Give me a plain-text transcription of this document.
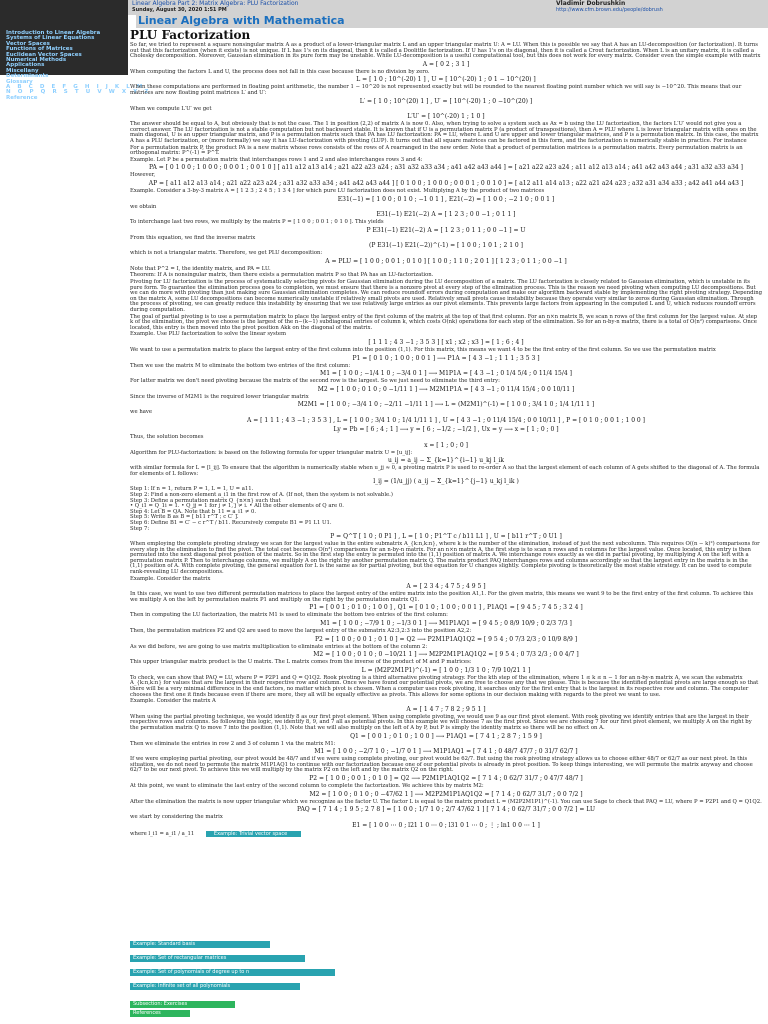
Linear Algebra Part 2: Matrix Algebra: PLU Factorization
Sunday, August 30, 2020 1:51 PM
Vladimir Dobrushkin
http://www.cfm.brown.edu/people/dobrush
Linear Algebra with Mathematica
Introduction to Linear Algebra
Systems of Linear Equations
Vector Spaces
Functions of Matrices
Euclidean Vector Spaces
Numerical Methods
Applications
Miscellany
Determinants
Glossary
A B C D E F G H I J K L M
N O P Q R S T U V W X Y Z
Reference
PLU Factorization
So far, we tried to represent a square nonsingular matrix A as a product of a lower-triangular matrix L and an upper triangular matrix U: A = LU. When this is possible we say that A has an LU-decomposition (or factorization). It turns out that this factorization (when it exists) is not unique. If L has 1's on its diagonal, then it is called a Doolittle factorization. If U has 1's on its diagonal, then it is called a Crout factorization. When L is an unitary matrix, it is called a Cholesky decomposition. Moreover, Gaussian elimination in its pure form may be unstable. While LU-decomposition is a useful computational tool, but this does not work for every matrix. Consider even the simple example with matrix
A = [ 0 2 ; 3 1 ]
When computing the factors L and U, the process does not fall in this case because there is no division by zero.
L = [ 1 0 ; 10^(-20) 1 ] , U = [ 10^(-20) 1 ; 0 1 − 10^(20) ]
When these computations are performed in floating point arithmetic, the number 1 − 10^20 is not represented exactly but will be rounded to the nearest floating point number which we will say is −10^20. This means that our matrices are now floating point matrices L′ and U′:
L′ = [ 1 0 ; 10^(20) 1 ] , U′ = [ 10^(-20) 1 ; 0 −10^(20) ]
When we compute L′U′ we get
L′U′ = [ 10^(-20) 1 ; 1 0 ]
The answer should be equal to A, but obviously that is not the case. The 1 in position (2,2) of matrix A is now 0. Also, when trying to solve a system such as Ax = b using the LU factorization, the factors L′U′ would not give you a correct answer. The LU factorization is not a stable computation but not backward stable. It is known that if U is a permutation matrix P (a product of transpositions), then A = PLU where L is lower triangular matrix with ones on the main diagonal, U is an upper triangular matrix, and P is a permutation matrix such that PA has LU factorization: PA = LU, where L and U are upper and lower triangular matrices, and P is a permutation matrix. In this case, the matrix A has a PLU factorization, or (more formally) we say it has LU-factorization with pivoting (LUP). It turns out that all square matrices can be factored in this form, and the factorization is numerically stable in practice. For instance
For a permutation matrix P, the product PA is a new matrix whose rows consists of the rows of A rearranged in the new order. Note that a product of permutation matrices is a permutation matrix. Every permutation matrix is an orthogonal matrix: P^(-1) = P^T.
Example. Let P be a permutation matrix that interchanges rows 1 and 2 and also interchanges rows 3 and 4:
PA = [ 0 1 0 0 ; 1 0 0 0 ; 0 0 0 1 ; 0 0 1 0 ] [ a11 a12 a13 a14 ; a21 a22 a23 a24 ; a31 a32 a33 a34 ; a41 a42 a43 a44 ] = [ a21 a22 a23 a24 ; a11 a12 a13 a14 ; a41 a42 a43 a44 ; a31 a32 a33 a34 ]
However,
AP = [ a11 a12 a13 a14 ; a21 a22 a23 a24 ; a31 a32 a33 a34 ; a41 a42 a43 a44 ] [ 0 1 0 0 ; 1 0 0 0 ; 0 0 0 1 ; 0 0 1 0 ] = [ a12 a11 a14 a13 ; a22 a21 a24 a23 ; a32 a31 a34 a33 ; a42 a41 a44 a43 ]
Example. Consider a 3-by-3 matrix A = [ 1 2 3 ; 2 4 5 ; 1 3 4 ] for which pure LU factorization does not exist. Multiplying A by the product of two matrices
E31(−1) = [ 1 0 0 ; 0 1 0 ; −1 0 1 ] , E21(−2) = [ 1 0 0 ; −2 1 0 ; 0 0 1 ]
we obtain
E31(−1) E21(−2) A = [ 1 2 3 ; 0 0 −1 ; 0 1 1 ]
To interchange last two rows, we multiply by the matrix P = [ 1 0 0 ; 0 0 1 ; 0 1 0 ]. This yields
P E31(−1) E21(−2) A = [ 1 2 3 ; 0 1 1 ; 0 0 −1 ] = U
From this equation, we find the inverse matrix
(P E31(−1) E21(−2))^(-1) = [ 1 0 0 ; 1 0 1 ; 2 1 0 ]
which is not a triangular matrix. Therefore, we get PLU decomposition:
A = PLU = [ 1 0 0 ; 0 0 1 ; 0 1 0 ] [ 1 0 0 ; 1 1 0 ; 2 0 1 ] [ 1 2 3 ; 0 1 1 ; 0 0 −1 ]
Note that P^2 = I, the identity matrix, and PA = LU.
Theorem: If A is nonsingular matrix, then there exists a permutation matrix P so that PA has an LU-factorization.
Pivoting for LU factorization is the process of systematically selecting pivots for Gaussian elimination during the LU decomposition of a matrix. The LU factorization is closely related to Gaussian elimination, which is unstable in its pure form. To guarantee the elimination process goes to completion, we must ensure that there is a nonzero pivot at every step of the elimination process. This is the reason we need pivoting when computing LU decompositions. But we can do more with pivoting than just making sure Gaussian elimination completes. We can reduce roundoff errors during computation and make our algorithm backward stable by implementing the right pivoting strategy. Depending on the matrix A, some LU decompositions can become numerically unstable if relatively small pivots are used. Relatively small pivots cause instability because they operate very similar to zeros during Gaussian elimination. Through the process of pivoting, we can greatly reduce this instability by ensuring that we use relatively large entries as our pivot elements. This prevents large factors from appearing in the computed L and U, which reduces roundoff errors during computation.
The goal of partial pivoting is to use a permutation matrix to place the largest entry of the first column of the matrix at the top of that first column. For an n×n matrix B, we scan n rows of the first column for the largest value. At step k of the elimination, the pivot we choose is the largest of the n−(k−1) subdiagonal entries of column k, which costs O(nk) operations for each step of the elimination. So for an n-by-n matrix, there is a total of O(n²) comparisons. Once located, this entry is then moved into the pivot position Akk on the diagonal of the matrix.
Example. Use PLU factorization to solve the linear system
[ 1 1 1 ; 4 3 −1 ; 3 5 3 ] [ x1 ; x2 ; x3 ] = [ 1 ; 6 ; 4 ]
We want to use a permutation matrix to place the largest entry of the first column into the position (1,1). For this matrix, this means we want 4 to be the first entry of the first column. So we use the permutation matrix
P1 = [ 0 1 0 ; 1 0 0 ; 0 0 1 ] ⟶ P1A = [ 4 3 −1 ; 1 1 1 ; 3 5 3 ]
Then we use the matrix M to eliminate the bottom two entries of the first column:
M1 = [ 1 0 0 ; −1/4 1 0 ; −3/4 0 1 ] ⟶ M1P1A = [ 4 3 −1 ; 0 1/4 5/4 ; 0 11/4 15/4 ]
For latter matrix we don't need pivoting because the matrix of the second row is the largest. So we just need to eliminate the third entry:
M2 = [ 1 0 0 ; 0 1 0 ; 0 −1/11 1 ] ⟶ M2M1P1A = [ 4 3 −1 ; 0 11/4 15/4 ; 0 0 10/11 ]
Since the inverse of M2M1 is the required lower triangular matrix
M2M1 = [ 1 0 0 ; −3/4 1 0 ; −2/11 −1/11 1 ] ⟶ L = (M2M1)^(-1) = [ 1 0 0 ; 3/4 1 0 ; 1/4 1/11 1 ]
we have
A = [ 1 1 1 ; 4 3 −1 ; 3 5 3 ] , L = [ 1 0 0 ; 3/4 1 0 ; 1/4 1/11 1 ] , U = [ 4 3 −1 ; 0 11/4 15/4 ; 0 0 10/11 ] , P = [ 0 1 0 ; 0 0 1 ; 1 0 0 ]
Ly = Pb = [ 6 ; 4 ; 1 ] ⟶ y = [ 6 ; −1/2 ; −1/2 ] , Ux = y ⟶ x = [ 1 ; 0 ; 0 ]
Thus, the solution becomes
x = [ 1 ; 0 ; 0 ]
Algorithm for PLU-factorization: is based on the following formula for upper triangular matrix U = [u_ij]:
u_ij = a_ij − Σ_{k=1}^{i−1} u_kj l_ik
with similar formula for L = [l_ij]. To ensure that the algorithm is numerically stable when u_jj ≈ 0, a pivoting matrix P is used to re-order A so that the largest element of each column of A gets shifted to the diagonal of A. The formula for elements of L follows:
l_ij = (1/u_jj) ( a_ij − Σ_{k=1}^{j−1} u_kj l_ik )
Step 1: If n = 1, return P = 1, L = 1, U = a11.
Step 2: Find a non-zero element a_i1 in the first row of A. (If not, then the system is not solvable.)
Step 3: Define a permutation matrix Q_{n×n} such that
• Q_i1 = Q_1i = 1. • Q_jj = 1 for j ≠ 1, j ≠ i. • All the other elements of Q are 0.
Step 4: Let B = QA. Note that b_11 = a_i1 ≠ 0.
Step 5: Write B as B = [ b11 r^T ; c C′ ].
Step 6: Define B1 = C′ − c r^T / b11. Recursively compute B1 = P1 L1 U1.
Step 7:
P = Q^T [ 1 0 ; 0 P1 ] , L = [ 1 0 ; P1^T c / b11 L1 ] , U = [ b11 r^T ; 0 U1 ]
When employing the complete pivoting strategy we scan for the largest value in the entire submatrix A_{k:n,k:n}, where k is the number of the elimination, instead of just the next subcolumn. This requires O((n − k)²) comparisons for every step in the elimination to find the pivot. The total cost becomes O(n³) comparisons for an n-by-n matrix. For an n×n matrix A, the first step is to scan n rows and n columns for the largest value. Once located, this entry is then permuted into the next diagonal pivot position of the matrix. So in the first step the entry is permuted into the (1,1) position of matrix A. We interchange rows exactly as we did in partial pivoting, by multiplying A on the left with a permutation matrix P. Then to interchange columns, we multiply A on the right by another permutation matrix Q. The matrix product PAQ interchanges rows and columns accordingly so that the largest entry in the matrix is in the (1,1) position of A. With complete pivoting, the general equation for L is the same as for partial pivoting, but the equation for U changes slightly. Complete pivoting is theoretically the most stable strategy. It can be used to compute rank-revealing LU decompositions.
Example. Consider the matrix
A = [ 2 3 4 ; 4 7 5 ; 4 9 5 ]
In this case, we want to use two different permutation matrices to place the largest entry of the entire matrix into the position A1,1. For the given matrix, this means we want 9 to be the first entry of the first column. To achieve this we multiply A on the left by permutation matrix P1 and multiply on the right by the permutation matrix Q1.
P1 = [ 0 0 1 ; 0 1 0 ; 1 0 0 ] , Q1 = [ 0 1 0 ; 1 0 0 ; 0 0 1 ] , P1AQ1 = [ 9 4 5 ; 7 4 5 ; 3 2 4 ]
Then in computing the LU factorization, the matrix M1 is used to eliminate the bottom two entries of the first column:
M1 = [ 1 0 0 ; −7/9 1 0 ; −1/3 0 1 ] ⟶ M1P1AQ1 = [ 9 4 5 ; 0 8/9 10/9 ; 0 2/3 7/3 ]
Then, the permutation matrices P2 and Q2 are used to move the largest entry of the submatrix A2:3,2:3 into the position A2,2:
P2 = [ 1 0 0 ; 0 0 1 ; 0 1 0 ] = Q2 ⟶ P2M1P1AQ1Q2 = [ 9 5 4 ; 0 7/3 2/3 ; 0 10/9 8/9 ]
As we did before, we are going to use matrix multiplication to eliminate entries at the bottom of the column 2:
M2 = [ 1 0 0 ; 0 1 0 ; 0 −10/21 1 ] ⟶ M2P2M1P1AQ1Q2 = [ 9 5 4 ; 0 7/3 2/3 ; 0 0 4/7 ]
This upper triangular matrix product is the U matrix. The L matrix comes from the inverse of the product of M and P matrices:
L = (M2P2M1P1)^(-1) = [ 1 0 0 ; 1/3 1 0 ; 7/9 10/21 1 ]
To check, we can show that PAQ = LU, where P = P2P1 and Q = Q1Q2. Rook pivoting is a third alternative pivoting strategy. For the kth step of the elimination, where 1 ≤ k ≤ n − 1 for an n-by-n matrix A, we scan the submatrix A_{k:n,k:n} for values that are the largest in their respective row and column. Once we have found our potential pivots, we are free to choose any that we please. This is because the identified potential pivots are large enough so that there will be a very minimal difference in the end factors, no matter which pivot is chosen. When a computer uses rook pivoting, it searches only for the first entry that is the largest in its respective row and column. The computer chooses the first one it finds because even if there are more, they all will be equally effective as pivots. This allows for some options in our decision making with regards to the pivot we want to use.
Example. Consider the matrix A
A = [ 1 4 7 ; 7 8 2 ; 9 5 1 ]
When using the partial pivoting technique, we would identify 8 as our first pivot element. When using complete pivoting, we would use 9 as our first pivot element. With rook pivoting we identify entries that are the largest in their respective rows and columns. So following this logic, we identify 8, 9, and 7 all as potential pivots. In this example we will choose 7 as the first pivot. Since we are choosing 7 for our first pivot element, we multiply A on the right by the permutation matrix Q to move 7 into the position (1,1). Note that we will also multiply on the left of A by P, but P is simply the identity matrix so there will be no effect on A.
Q1 = [ 0 0 1 ; 0 1 0 ; 1 0 0 ] ⟶ P1AQ1 = [ 7 4 1 ; 2 8 7 ; 1 5 9 ]
Then we eliminate the entries in row 2 and 3 of column 1 via the matrix M1:
M1 = [ 1 0 0 ; −2/7 1 0 ; −1/7 0 1 ] ⟶ M1P1AQ1 = [ 7 4 1 ; 0 48/7 47/7 ; 0 31/7 62/7 ]
If we were employing partial pivoting, our pivot would be 48/7 and if we were using complete pivoting, our pivot would be 62/7. But using the rook pivoting strategy allows us to choose either 48/7 or 62/7 as our next pivot. In this situation, we do not need to permute the matrix M1P1AQ1 to continue with our factorization because one of our potential pivots is already in pivot position. To keep things interesting, we will permute the matrix anyway and choose 62/7 to be our next pivot. To achieve this we will multiply by the matrix P2 on the left and by the matrix Q2 on the right.
P2 = [ 1 0 0 ; 0 0 1 ; 0 1 0 ] = Q2 ⟶ P2M1P1AQ1Q2 = [ 7 1 4 ; 0 62/7 31/7 ; 0 47/7 48/7 ]
At this point, we want to eliminate the last entry of the second column to complete the factorization. We achieve this by matrix M2:
M2 = [ 1 0 0 ; 0 1 0 ; 0 −47/62 1 ] ⟶ M2P2M1P1AQ1Q2 = [ 7 1 4 ; 0 62/7 31/7 ; 0 0 7/2 ]
After the elimination the matrix is now upper triangular which we recognize as the factor U. The factor L is equal to the matrix product L = (M2P2M1P1)^(-1). You can use Sage to check that PAQ = LU, where P = P2P1 and Q = Q1Q2.
PAQ = [ 7 1 4 ; 1 9 5 ; 2 7 8 ] = [ 1 0 0 ; 1/7 1 0 ; 2/7 47/62 1 ] [ 7 1 4 ; 0 62/7 31/7 ; 0 0 7/2 ] = LU
we start by considering the matrix
E1 = [ 1 0 0 ⋯ 0 ; l21 1 0 ⋯ 0 ; l31 0 1 ⋯ 0 ; ⋮ ; ln1 0 0 ⋯ 1 ]
where l_i1 = a_i1 / a_11	Example: Trivial vector space
Example: Standard basis
Example: Set of rectangular matrices
Example: Set of polynomials of degree up to n
Example: Infinite set of all polynomials
Subsection: Exercises
References
